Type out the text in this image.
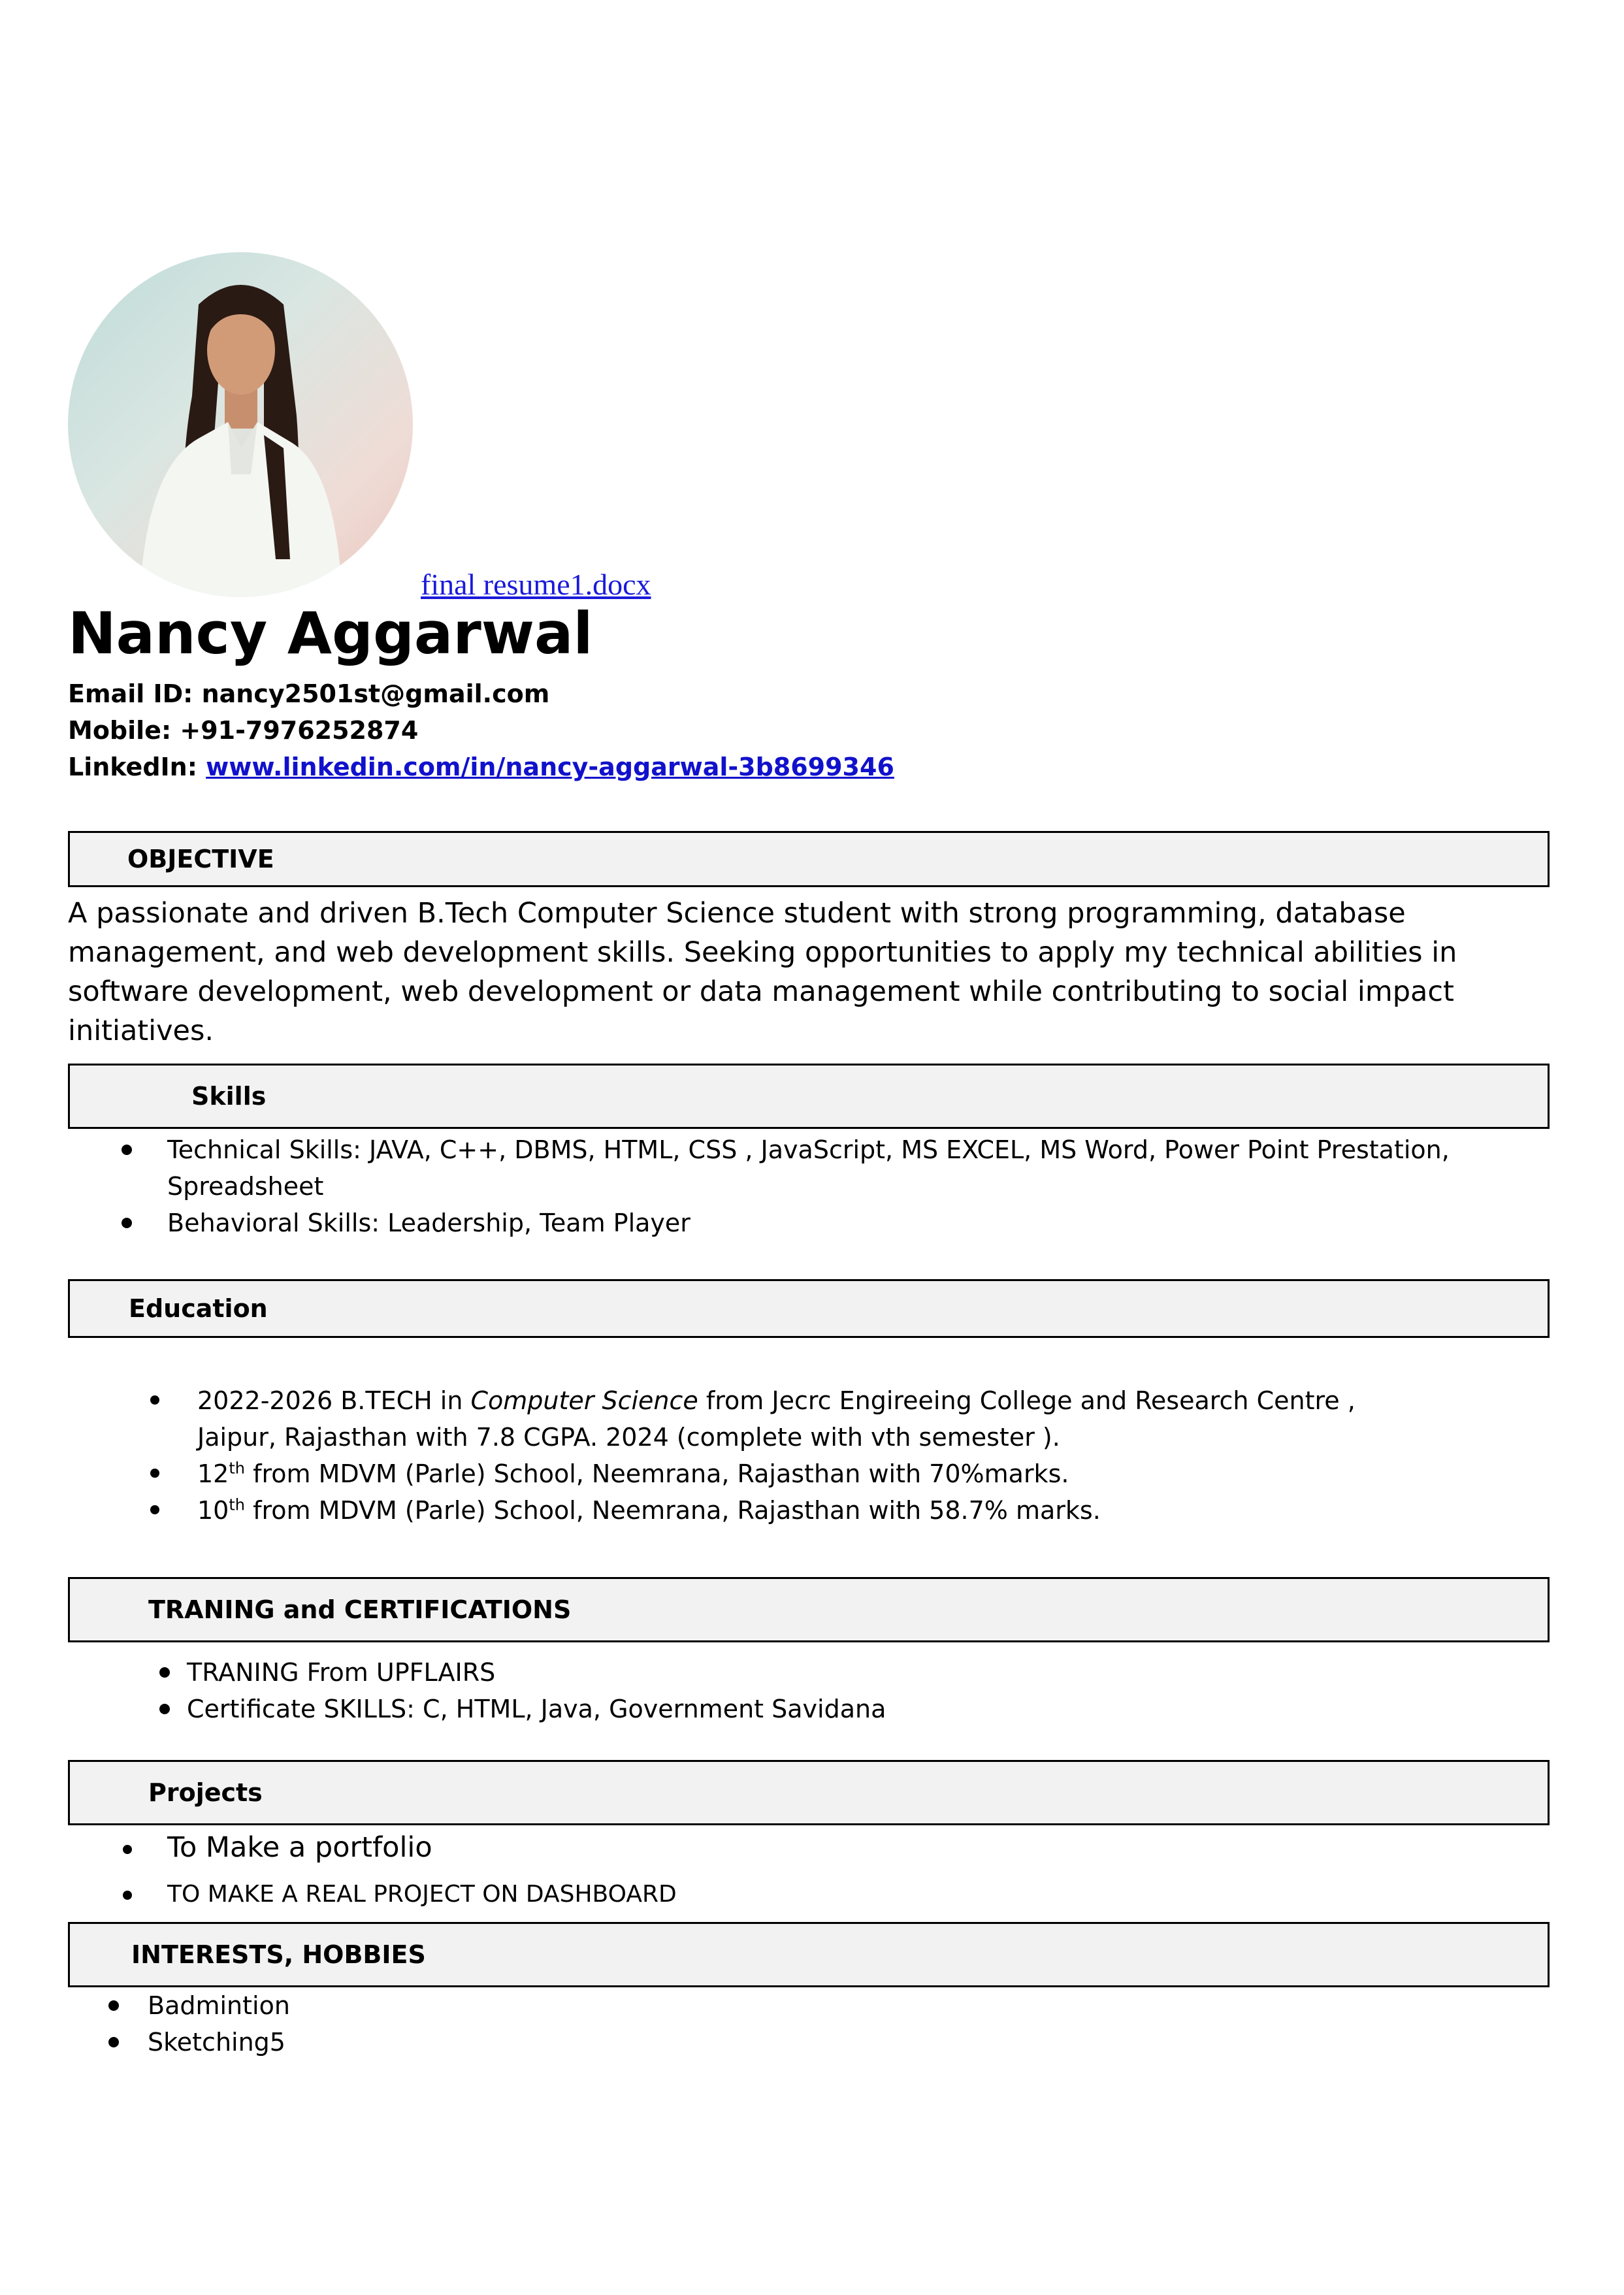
final resume1.docx
Nancy Aggarwal
Email ID: nancy2501st@gmail.com
Mobile: +91-7976252874
LinkedIn: www.linkedin.com/in/nancy-aggarwal-3b8699346
OBJECTIVE
A passionate and driven B.Tech Computer Science student with strong programming, database management, and web development skills. Seeking opportunities to apply my technical abilities in software development, web development or data management while contributing to social impact initiatives.
Skills
Technical Skills: JAVA, C++, DBMS, HTML, CSS , JavaScript, MS EXCEL, MS Word, Power Point Prestation,
Spreadsheet
Behavioral Skills: Leadership, Team Player
Education
2022-2026 B.TECH in Computer Science from Jecrc Engireeing College and Research Centre ,
Jaipur, Rajasthan with 7.8 CGPA. 2024 (complete with vth semester ).
12th from MDVM (Parle) School, Neemrana, Rajasthan with 70%marks.
10th from MDVM (Parle) School, Neemrana, Rajasthan with 58.7% marks.
TRANING and CERTIFICATIONS
TRANING From UPFLAIRS
Certificate SKILLS: C, HTML, Java, Government Savidana
Projects
To Make a portfolio
TO MAKE A REAL PROJECT ON DASHBOARD
INTERESTS, HOBBIES
Badmintion
Sketching5
